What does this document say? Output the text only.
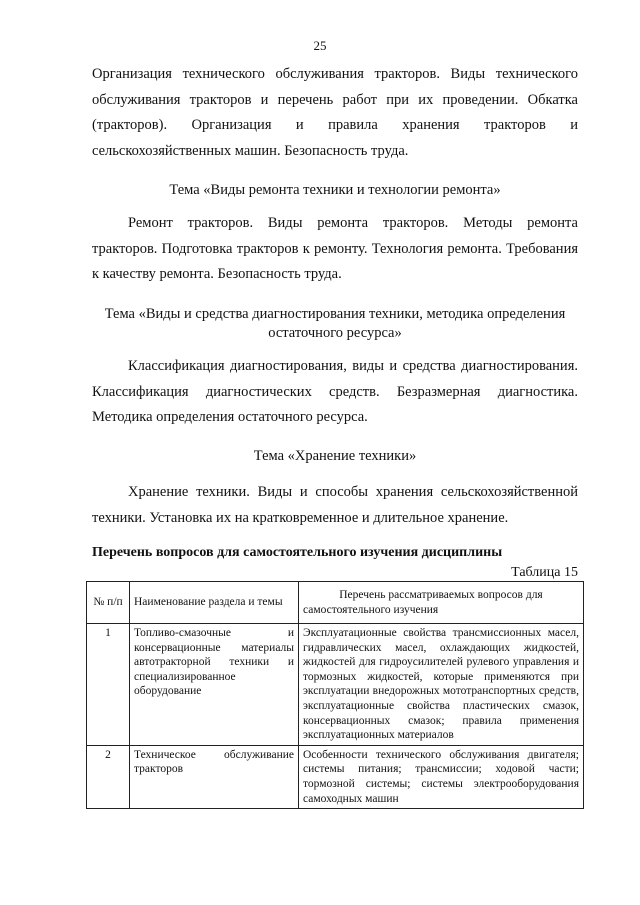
25
Организация технического обслуживания тракторов. Виды технического обслуживания тракторов и перечень работ при их проведении. Обкатка (тракторов). Организация и правила хранения тракторов и сельскохозяйственных машин. Безопасность труда.
Тема «Виды ремонта техники и технологии ремонта»
Ремонт тракторов. Виды ремонта тракторов. Методы ремонта тракторов. Подготовка тракторов к ремонту. Технология ремонта. Требования к качеству ремонта. Безопасность труда.
Тема «Виды и средства диагностирования техники, методика определения остаточного ресурса»
Классификация диагностирования, виды и средства диагностирования. Классификация диагностических средств. Безразмерная диагностика. Методика определения остаточного ресурса.
Тема «Хранение техники»
Хранение техники. Виды и способы хранения сельскохозяйственной техники. Установка их на кратковременное и длительное хранение.
Перечень вопросов для самостоятельного изучения дисциплины
Таблица 15
№ п/п	Наименование раздела и темы	Перечень рассматриваемых вопросов для самостоятельного изучения
1	Топливо-смазочные и консервационные материалы автотракторной техники и специализированное оборудование	Эксплуатационные свойства трансмиссионных масел, гидравлических масел, охлаждающих жидкостей, жидкостей для гидроусилителей рулевого управления и тормозных жидкостей, которые применяются при эксплуатации внедорожных мототранспортных средств, эксплуатационные свойства пластических смазок, консервационных смазок; правила применения эксплуатационных материалов
2	Техническое обслуживание тракторов	Особенности технического обслуживания двигателя; системы питания; трансмиссии; ходовой части; тормозной системы; системы электрооборудования самоходных машин
